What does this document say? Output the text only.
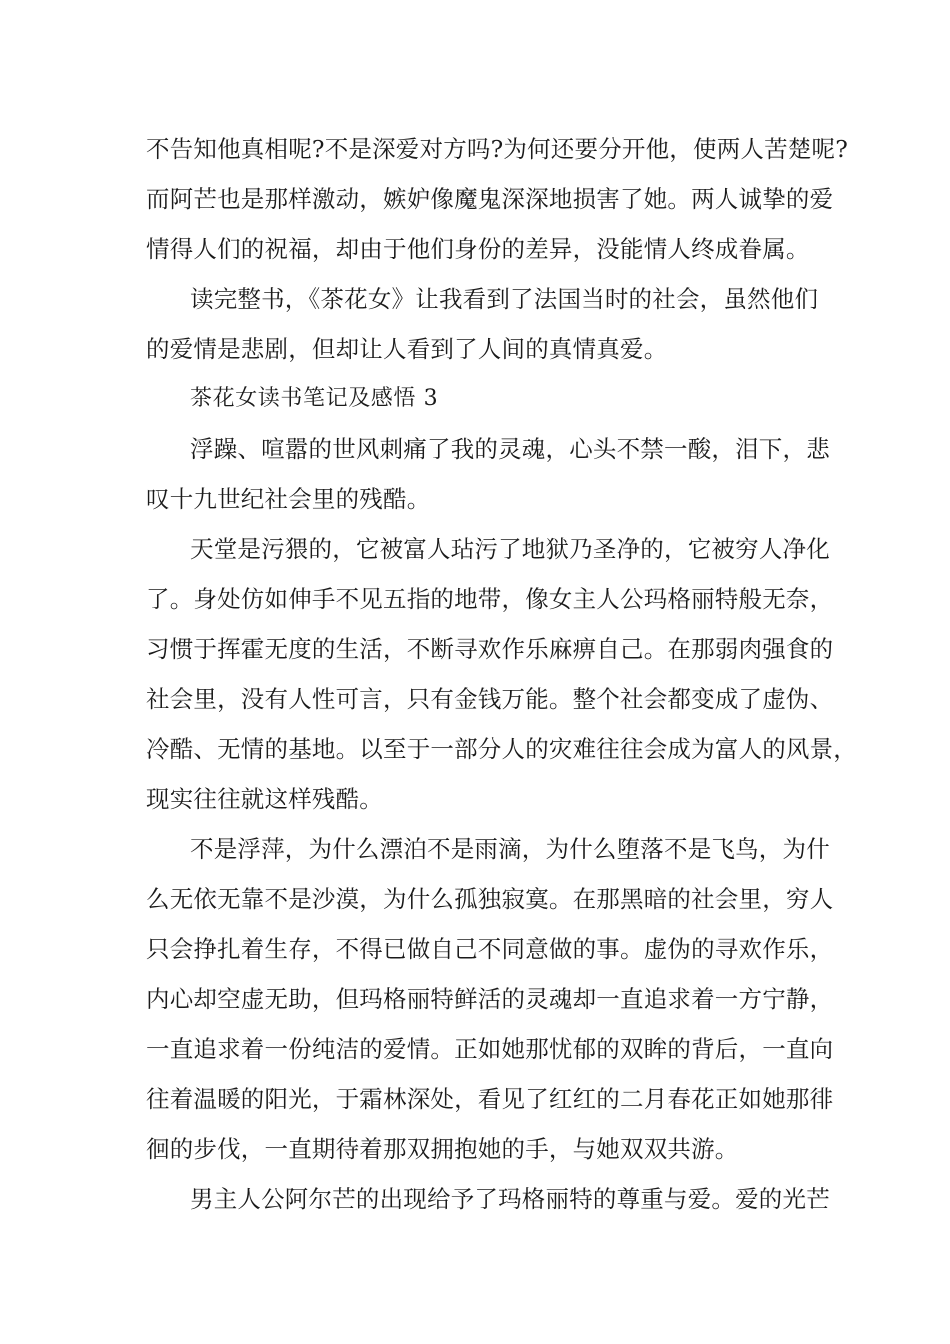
不告知他真相呢?不是深爱对方吗?为何还要分开他，使两人苦楚呢?
而阿芒也是那样激动，嫉妒像魔鬼深深地损害了她。两人诚挚的爱
情得人们的祝福，却由于他们身份的差异，没能情人终成眷属。
读完整书，《茶花女》让我看到了法国当时的社会，虽然他们
的爱情是悲剧，但却让人看到了人间的真情真爱。
茶花女读书笔记及感悟 3
浮躁、喧嚣的世风刺痛了我的灵魂，心头不禁一酸，泪下，悲
叹十九世纪社会里的残酷。
天堂是污猥的，它被富人玷污了地狱乃圣净的，它被穷人净化
了。身处仿如伸手不见五指的地带，像女主人公玛格丽特般无奈，
习惯于挥霍无度的生活，不断寻欢作乐麻痹自己。在那弱肉强食的
社会里，没有人性可言，只有金钱万能。整个社会都变成了虚伪、
冷酷、无情的基地。以至于一部分人的灾难往往会成为富人的风景，
现实往往就这样残酷。
不是浮萍，为什么漂泊不是雨滴，为什么堕落不是飞鸟，为什
么无依无靠不是沙漠，为什么孤独寂寞。在那黑暗的社会里，穷人
只会挣扎着生存，不得已做自己不同意做的事。虚伪的寻欢作乐，
内心却空虚无助，但玛格丽特鲜活的灵魂却一直追求着一方宁静，
一直追求着一份纯洁的爱情。正如她那忧郁的双眸的背后，一直向
往着温暖的阳光，于霜林深处，看见了红红的二月春花正如她那徘
徊的步伐，一直期待着那双拥抱她的手，与她双双共游。
男主人公阿尔芒的出现给予了玛格丽特的尊重与爱。爱的光芒
